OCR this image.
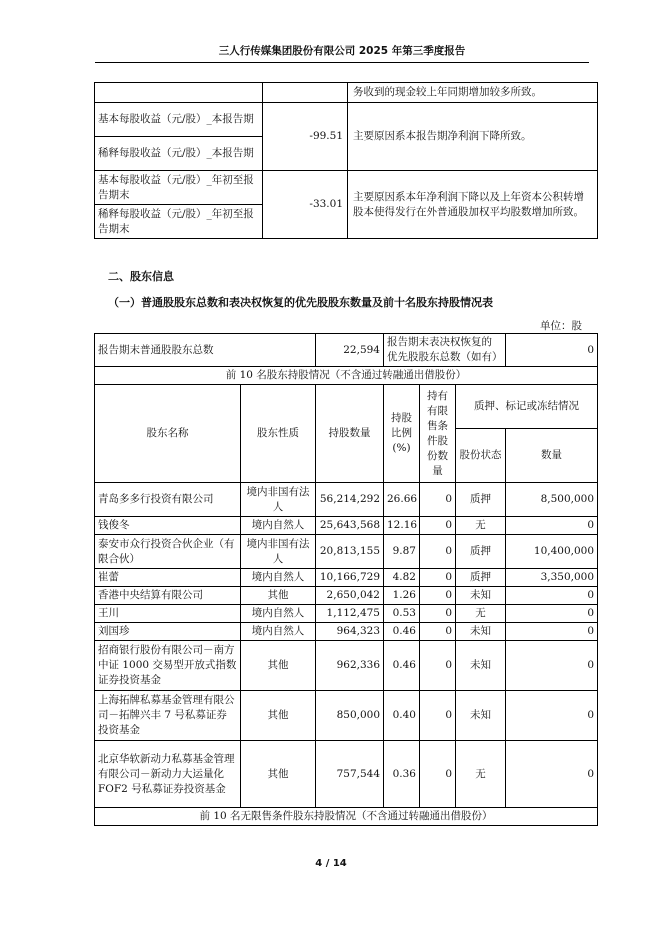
三人行传媒集团股份有限公司 2025 年第三季度报告
		务收到的现金较上年同期增加较多所致。
基本每股收益（元/股）_本报告期	-99.51	主要原因系本报告期净利润下降所致。
稀释每股收益（元/股）_本报告期		
基本每股收益（元/股）_年初至报告期末	-33.01	主要原因系本年净利润下降以及上年资本公积转增股本使得发行在外普通股加权平均股数增加所致。
稀释每股收益（元/股）_年初至报告期末		
二、股东信息
（一）普通股股东总数和表决权恢复的优先股股东数量及前十名股东持股情况表
单位：股
报告期末普通股股东总数		22,594	报告期末表决权恢复的优先股股东总数（如有）			0
前 10 名股东持股情况（不含通过转融通出借股份）						
股东名称	股东性质	持股数量	持股比例(%)	持有有限售条件股份数量	质押、标记或冻结情况	
					股份状态	数量
青岛多多行投资有限公司	境内非国有法人	56,214,292	26.66	0	质押	8,500,000
钱俊冬	境内自然人	25,643,568	12.16	0	无	0
泰安市众行投资合伙企业（有限合伙）	境内非国有法人	20,813,155	9.87	0	质押	10,400,000
崔蕾	境内自然人	10,166,729	4.82	0	质押	3,350,000
香港中央结算有限公司	其他	2,650,042	1.26	0	未知	0
王川	境内自然人	1,112,475	0.53	0	无	0
刘国珍	境内自然人	964,323	0.46	0	未知	0
招商银行股份有限公司－南方中证 1000 交易型开放式指数证券投资基金	其他	962,336	0.46	0	未知	0
上海拓牌私募基金管理有限公司－拓牌兴丰 7 号私募证券投资基金	其他	850,000	0.40	0	未知	0
北京华软新动力私募基金管理有限公司－新动力大运量化 FOF2 号私募证券投资基金	其他	757,544	0.36	0	无	0
前 10 名无限售条件股东持股情况（不含通过转融通出借股份）						
4 / 14
